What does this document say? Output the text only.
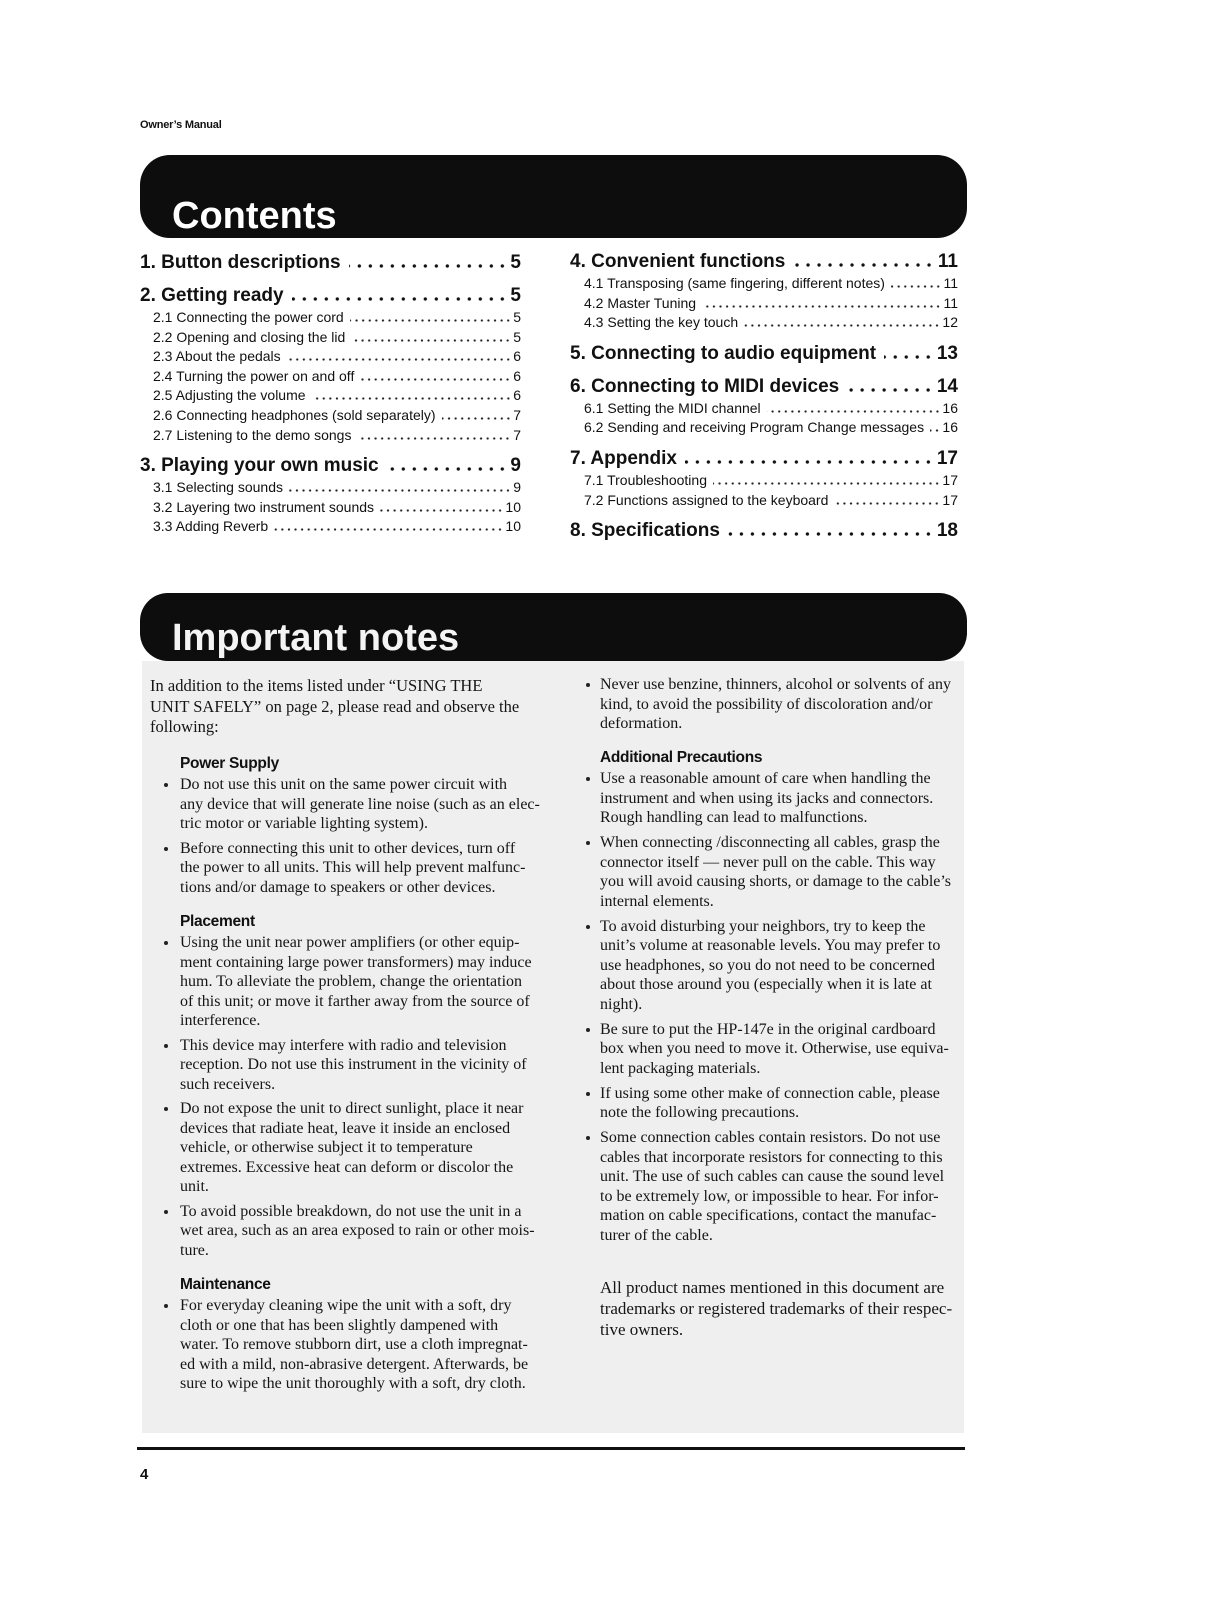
Owner’s Manual
Contents
1. Button descriptions	5
2. Getting ready	5
2.1 Connecting the power cord	5
2.2 Opening and closing the lid	5
2.3 About the pedals	6
2.4 Turning the power on and off	6
2.5 Adjusting the volume	6
2.6 Connecting headphones (sold separately)	7
2.7 Listening to the demo songs	7
3. Playing your own music	9
3.1 Selecting sounds	9
3.2 Layering two instrument sounds	10
3.3 Adding Reverb	10
4. Convenient functions	11
4.1 Transposing (same fingering, different notes)	11
4.2 Master Tuning	11
4.3 Setting the key touch	12
5. Connecting to audio equipment	13
6. Connecting to MIDI devices	14
6.1 Setting the MIDI channel	16
6.2 Sending and receiving Program Change messages 16
7. Appendix	17
7.1 Troubleshooting	17
7.2 Functions assigned to the keyboard	17
8. Specifications	18
Important notes
In addition to the items listed under “USING THE
UNIT SAFELY” on page 2, please read and observe the
following:
Power Supply
Do not use this unit on the same power circuit with
any device that will generate line noise (such as an elec-
tric motor or variable lighting system).
Before connecting this unit to other devices, turn off
the power to all units. This will help prevent malfunc-
tions and/or damage to speakers or other devices.
Placement
Using the unit near power amplifiers (or other equip-
ment containing large power transformers) may induce
hum. To alleviate the problem, change the orientation
of this unit; or move it farther away from the source of
interference.
This device may interfere with radio and television
reception. Do not use this instrument in the vicinity of
such receivers.
Do not expose the unit to direct sunlight, place it near
devices that radiate heat, leave it inside an enclosed
vehicle, or otherwise subject it to temperature
extremes. Excessive heat can deform or discolor the
unit.
To avoid possible breakdown, do not use the unit in a
wet area, such as an area exposed to rain or other mois-
ture.
Maintenance
For everyday cleaning wipe the unit with a soft, dry
cloth or one that has been slightly dampened with
water. To remove stubborn dirt, use a cloth impregnat-
ed with a mild, non-abrasive detergent. Afterwards, be
sure to wipe the unit thoroughly with a soft, dry cloth.
Never use benzine, thinners, alcohol or solvents of any
kind, to avoid the possibility of discoloration and/or
deformation.
Additional Precautions
Use a reasonable amount of care when handling the
instrument and when using its jacks and connectors.
Rough handling can lead to malfunctions.
When connecting /disconnecting all cables, grasp the
connector itself — never pull on the cable. This way
you will avoid causing shorts, or damage to the cable’s
internal elements.
To avoid disturbing your neighbors, try to keep the
unit’s volume at reasonable levels. You may prefer to
use headphones, so you do not need to be concerned
about those around you (especially when it is late at
night).
Be sure to put the HP-147e in the original cardboard
box when you need to move it. Otherwise, use equiva-
lent packaging materials.
If using some other make of connection cable, please
note the following precautions.
Some connection cables contain resistors. Do not use
cables that incorporate resistors for connecting to this
unit. The use of such cables can cause the sound level
to be extremely low, or impossible to hear. For infor-
mation on cable specifications, contact the manufac-
turer of the cable.
All product names mentioned in this document are
trademarks or registered trademarks of their respec-
tive owners.
4
